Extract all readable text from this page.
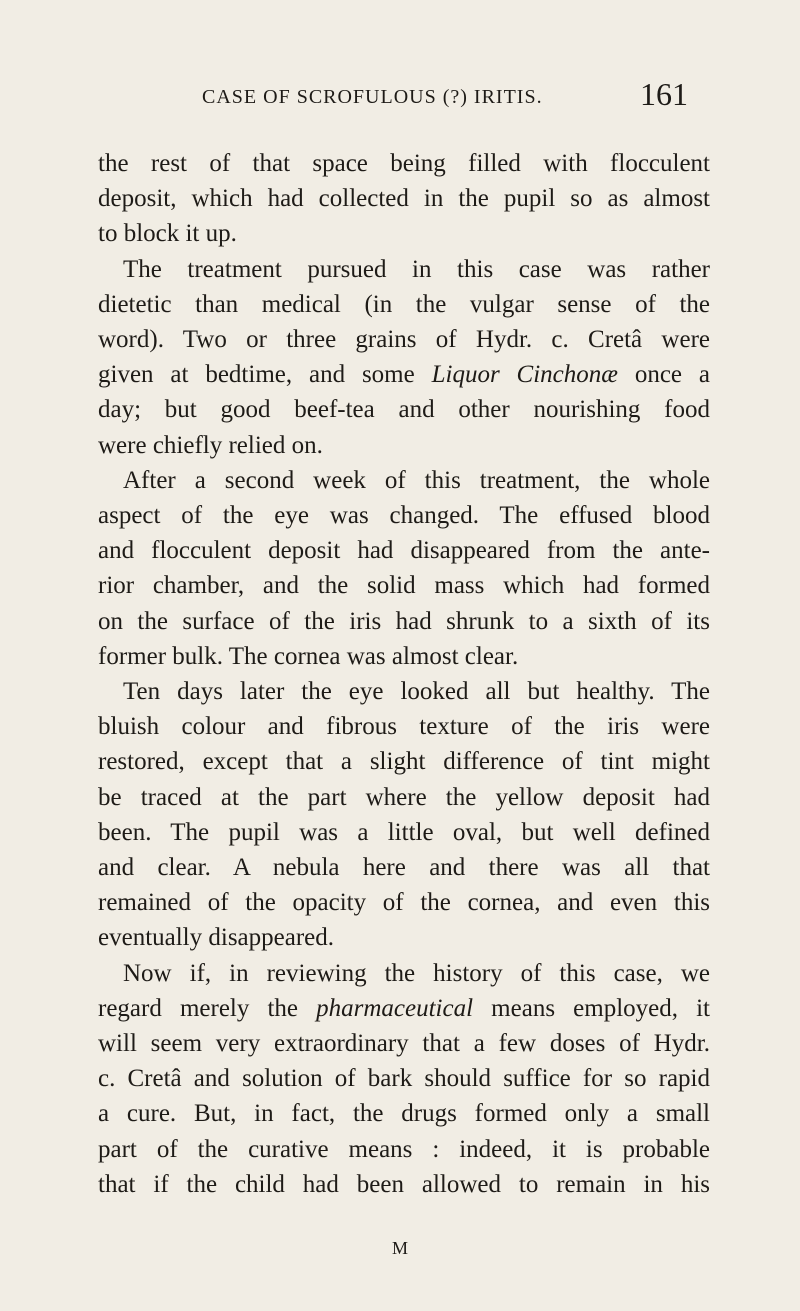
CASE OF SCROFULOUS (?) IRITIS.	161
the rest of that space being filled with flocculent
deposit, which had collected in the pupil so as almost
to block it up.
The treatment pursued in this case was rather
dietetic than medical (in the vulgar sense of the
word). Two or three grains of Hydr. c. Cretâ were
given at bedtime, and some Liquor Cinchonæ once a
day; but good beef-tea and other nourishing food
were chiefly relied on.
After a second week of this treatment, the whole
aspect of the eye was changed. The effused blood
and flocculent deposit had disappeared from the ante-
rior chamber, and the solid mass which had formed
on the surface of the iris had shrunk to a sixth of its
former bulk. The cornea was almost clear.
Ten days later the eye looked all but healthy. The
bluish colour and fibrous texture of the iris were
restored, except that a slight difference of tint might
be traced at the part where the yellow deposit had
been. The pupil was a little oval, but well defined
and clear. A nebula here and there was all that
remained of the opacity of the cornea, and even this
eventually disappeared.
Now if, in reviewing the history of this case, we
regard merely the pharmaceutical means employed, it
will seem very extraordinary that a few doses of Hydr.
c. Cretâ and solution of bark should suffice for so rapid
a cure. But, in fact, the drugs formed only a small
part of the curative means : indeed, it is probable
that if the child had been allowed to remain in his
M
